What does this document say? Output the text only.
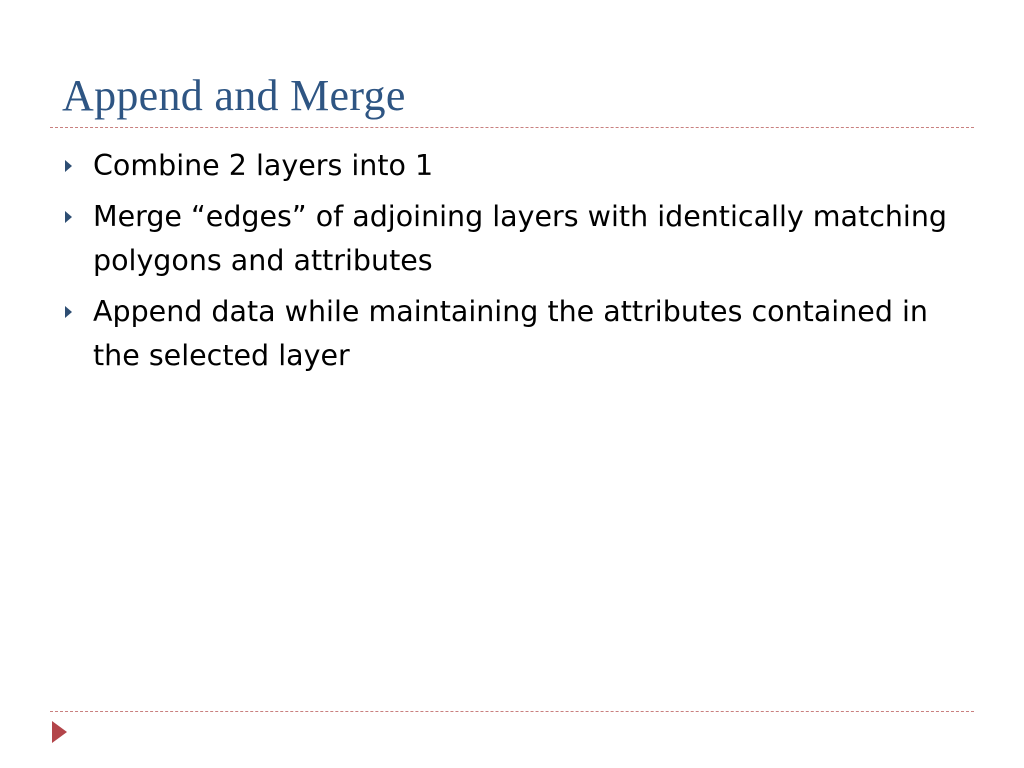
Append and Merge
Combine 2 layers into 1
Merge “edges” of adjoining layers with identically matching polygons and attributes
Append data while maintaining the attributes contained in the selected layer
